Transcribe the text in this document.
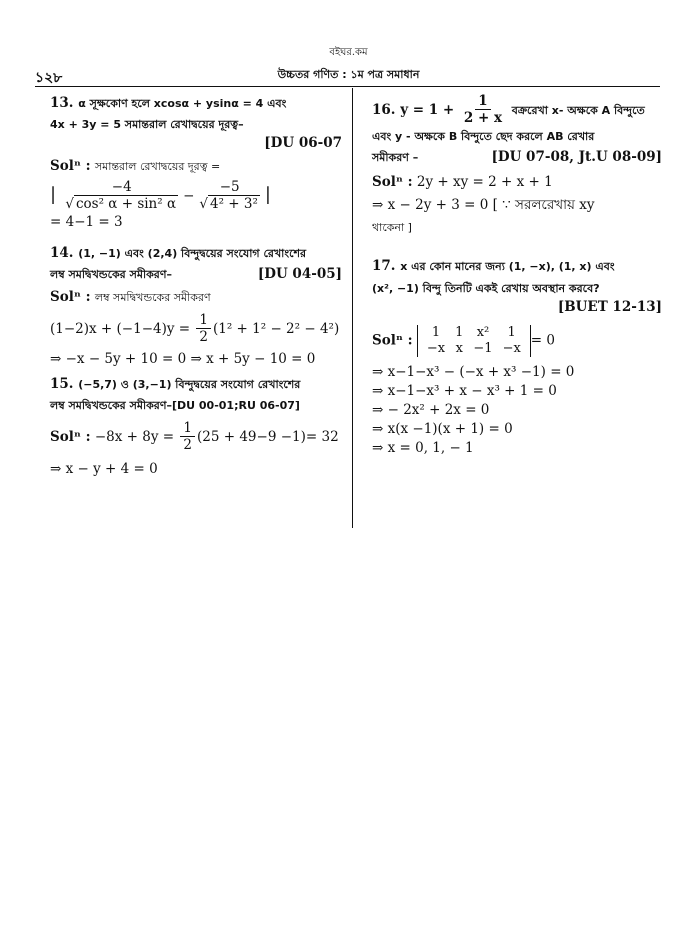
বইঘর.কম
১২৮	উচ্চতর গণিত : ১ম পত্র সমাধান
13. α সূক্ষকোণ হলে xcosα + ysinα = 4 এবং
4x + 3y = 5 সমান্তরাল রেখাদ্বয়ের দূরত্ব–
[DU 06-07
Solⁿ : সমান্তরাল রেখাদ্বয়ের দূরত্ব =
| $\frac{-4}{\text{√ cos² α + sin² α}} - \frac{-5}{\text{√ 4² + 3²}}$ |
= 4−1 = 3
14. (1, −1) এবং (2,4) বিন্দুদ্বয়ের সংযোগ রেখাংশের
লম্ব সমদ্বিখন্ডকের সমীকরণ–	[DU 04-05]
Solⁿ : লম্ব সমদ্বিখন্ডকের সমীকরণ
$(1-2)x + (-1-4)y = \frac{1}{2} (1^2 + 1^2 - 2^2 - 4^2)$
⇒ −x − 5y + 10 = 0 ⇒ x + 5y − 10 = 0
15. (−5,7) ও (3,−1) বিন্দুদ্বয়ের সংযোগ রেখাংশের
লম্ব সমদ্বিখন্ডকের সমীকরণ–[DU 00-01;RU 06-07]
Solⁿ : $-8x + 8y = \frac{1}{2} (25 + 49-9 -1)= 32$
⇒ x − y + 4 = 0
16. $y = 1 + \frac{1}{2 + x}$ বক্ররেখা x- অক্ষকে A বিন্দুতে
এবং y - অক্ষকে B বিন্দুতে ছেদ করলে AB রেখার
সমীকরণ –	[DU 07-08, Jt.U 08-09]
Solⁿ : 2y + xy = 2 + x + 1
⇒ x − 2y + 3 = 0 [ ∵ সরলরেখায় xy
থাকেনা ]
17. x এর কোন মানের জন্য (1, −x), (1, x) এবং
(x², −1) বিন্দু তিনটি একই রেখায় অবস্থান করবে?
[BUET 12-13]
Solⁿ : 1	1	x²	1
−x	x	−1	−x = 0
⇒ x−1−x³ − (−x + x³ −1) = 0
⇒ x−1−x³ + x − x³ + 1 = 0
⇒ − 2x² + 2x = 0
⇒ x(x −1)(x + 1) = 0
⇒ x = 0, 1, − 1
